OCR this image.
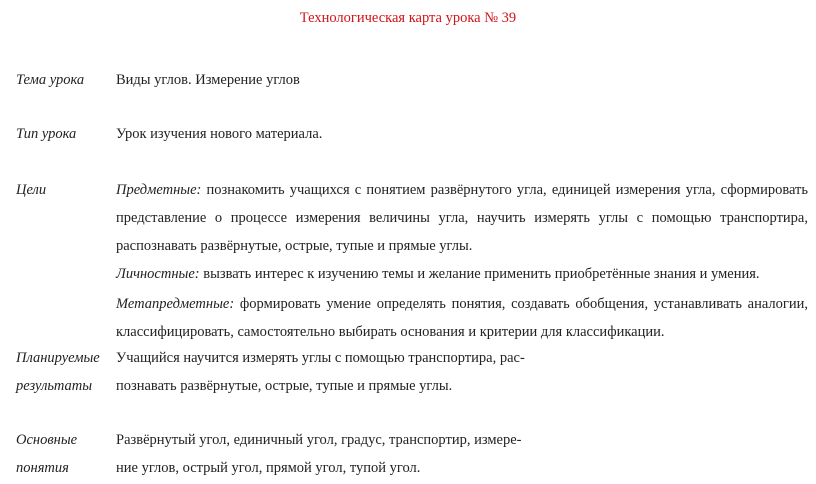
Технологическая карта урока № 39
Тема урока Виды углов. Измерение углов
Тип урока	Урок изучения нового материала.
Цели	Предметные: познакомить учащихся с понятием развёрнутого угла, единицей измерения угла, сформировать представление о процессе измерения величины угла, научить измерять углы с помощью транспортира, распознавать развёрнутые, острые, тупые и прямые углы.
Личностные: вызвать интерес к изучению темы и желание применить приобретённые знания и умения.
Метапредметные: формировать умение определять понятия, создавать обобщения, устанавливать аналогии, классифицировать, самостоятельно выбирать основания и критерии для классификации.
Планируемые
результаты
Учащийся научится измерять углы с помощью транспортира, рас-
познавать развёрнутые, острые, тупые и прямые углы.
Основные
понятия
Развёрнутый угол, единичный угол, градус, транспортир, измере-
ние углов, острый угол, прямой угол, тупой угол.
